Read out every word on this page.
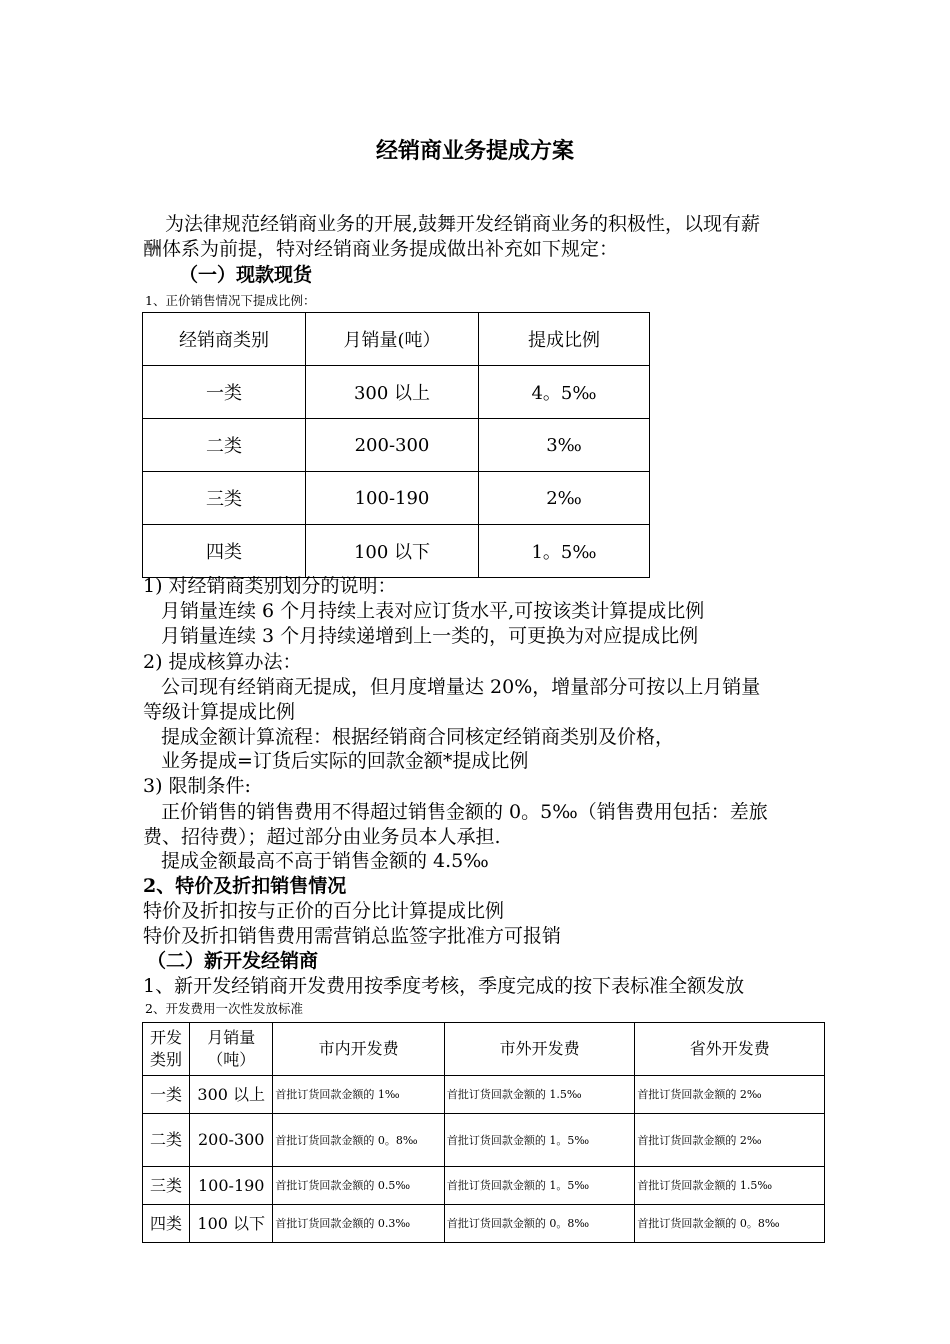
经销商业务提成方案
为法律规范经销商业务的开展,鼓舞开发经销商业务的积极性，以现有薪
酬体系为前提，特对经销商业务提成做出补充如下规定：
（一）现款现货
1、正价销售情况下提成比例：
经销商类别	月销量(吨）	提成比例
一类	300 以上	4。5‰
二类	200-300	3‰
三类	100-190	2‰
四类	100 以下	1。5‰
1) 对经销商类别划分的说明：
月销量连续 6 个月持续上表对应订货水平,可按该类计算提成比例
月销量连续 3 个月持续递增到上一类的，可更换为对应提成比例
2) 提成核算办法：
公司现有经销商无提成，但月度增量达 20%，增量部分可按以上月销量
等级计算提成比例
提成金额计算流程：根据经销商合同核定经销商类别及价格，
业务提成=订货后实际的回款金额*提成比例
3) 限制条件:
正价销售的销售费用不得超过销售金额的 0。5‰（销售费用包括：差旅
费、招待费）；超过部分由业务员本人承担.
提成金额最高不高于销售金额的 4.5‰
2、特价及折扣销售情况
特价及折扣按与正价的百分比计算提成比例
特价及折扣销售费用需营销总监签字批准方可报销
（二）新开发经销商
1、新开发经销商开发费用按季度考核，季度完成的按下表标准全额发放
2、开发费用一次性发放标准
开发类别	月销量（吨）	市内开发费	市外开发费	省外开发费
一类	300 以上	首批订货回款金额的 1‰	首批订货回款金额的 1.5‰	首批订货回款金额的 2‰
二类	200-300	首批订货回款金额的 0。8‰	首批订货回款金额的 1。5‰	首批订货回款金额的 2‰
三类	100-190	首批订货回款金额的 0.5‰	首批订货回款金额的 1。5‰	首批订货回款金额的 1.5‰
四类	100 以下	首批订货回款金额的 0.3‰	首批订货回款金额的 0。8‰	首批订货回款金额的 0。8‰
